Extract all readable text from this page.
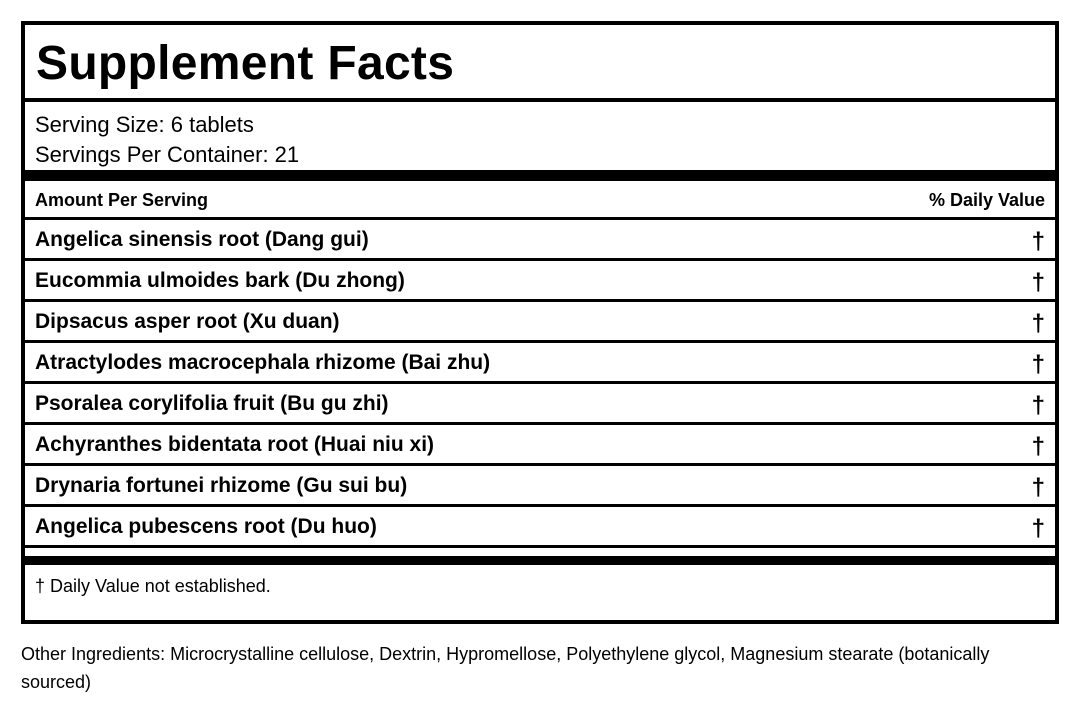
Supplement Facts
Serving Size: 6 tablets
Servings Per Container: 21
Amount Per Serving	% Daily Value
Angelica sinensis root (Dang gui)	†
Eucommia ulmoides bark (Du zhong)	†
Dipsacus asper root (Xu duan)	†
Atractylodes macrocephala rhizome (Bai zhu)	†
Psoralea corylifolia fruit (Bu gu zhi)	†
Achyranthes bidentata root (Huai niu xi)	†
Drynaria fortunei rhizome (Gu sui bu)	†
Angelica pubescens root (Du huo)	†
† Daily Value not established.
Other Ingredients: Microcrystalline cellulose, Dextrin, Hypromellose, Polyethylene glycol, Magnesium stearate (botanically sourced)
